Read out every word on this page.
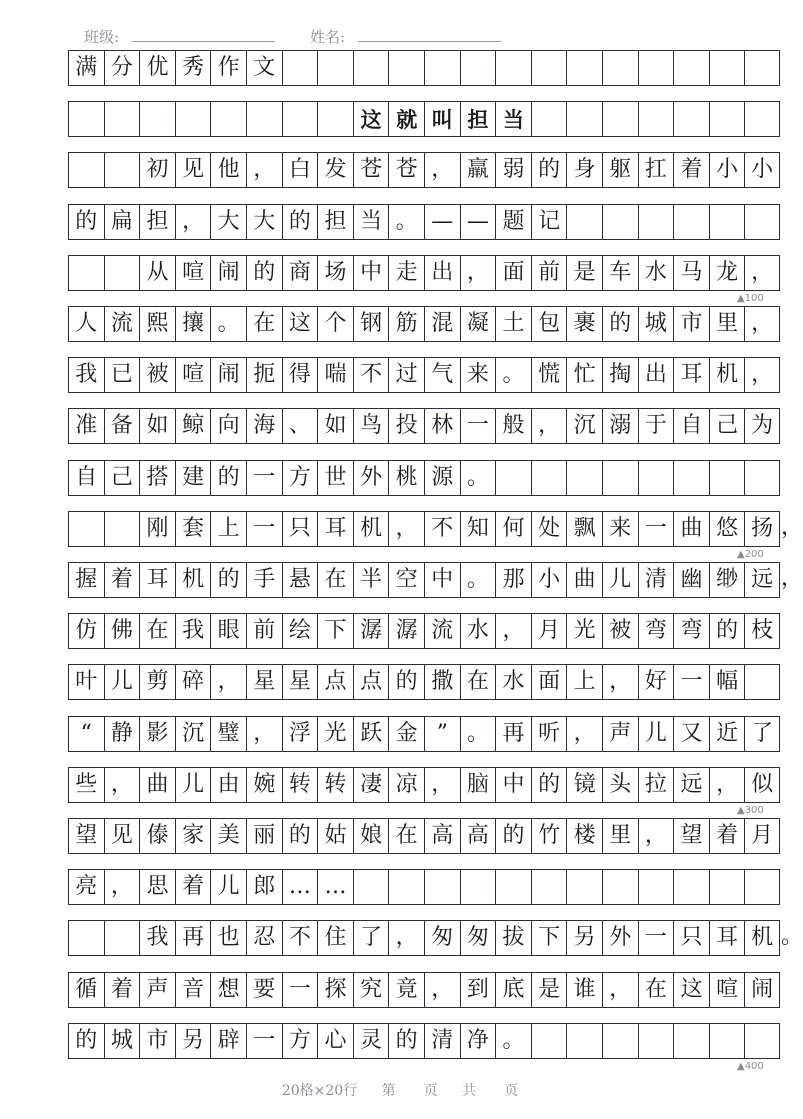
班级:	姓名:
满 分 优 秀 作 文
这 就 叫 担 当
初 见 他 ， 白 发 苍 苍 ， 羸 弱 的 身 躯 扛 着 小 小
的 扁 担 ， 大 大 的 担 当 。 — — 题 记
从 喧 闹 的 商 场 中 走 出 ， 面 前 是 车 水 马 龙 ，
人 流 熙 攘 。 在 这 个 钢 筋 混 凝 土 包 裹 的 城 市 里 ，
我 已 被 喧 闹 扼 得 喘 不 过 气 来 。 慌 忙 掏 出 耳 机 ，
准 备 如 鲸 向 海 、 如 鸟 投 林 一 般 ， 沉 溺 于 自 己 为
自 己 搭 建 的 一 方 世 外 桃 源 。
刚 套 上 一 只 耳 机 ， 不 知 何 处 飘 来 一 曲 悠 扬 ，
握 着 耳 机 的 手 悬 在 半 空 中 。 那 小 曲 儿 清 幽 缈 远 ，
仿 佛 在 我 眼 前 绘 下 潺 潺 流 水 ， 月 光 被 弯 弯 的 枝
叶 儿 剪 碎 ， 星 星 点 点 的 撒 在 水 面 上 ， 好 一 幅
“ 静 影 沉 璧 ， 浮 光 跃 金 ” 。 再 听 ， 声 儿 又 近 了
些 ， 曲 儿 由 婉 转 转 凄 凉 ， 脑 中 的 镜 头 拉 远 ， 似
望 见 傣 家 美 丽 的 姑 娘 在 高 高 的 竹 楼 里 ， 望 着 月
亮 ， 思 着 儿 郎 … …
我 再 也 忍 不 住 了 ， 匆 匆 拔 下 另 外 一 只 耳 机 。
循 着 声 音 想 要 一 探 究 竟 ， 到 底 是 谁 ， 在 这 喧 闹
的 城 市 另 辟 一 方 心 灵 的 清 净 。
▲100
▲200
▲300
▲400
20格×20行 第　　页 共　　页
